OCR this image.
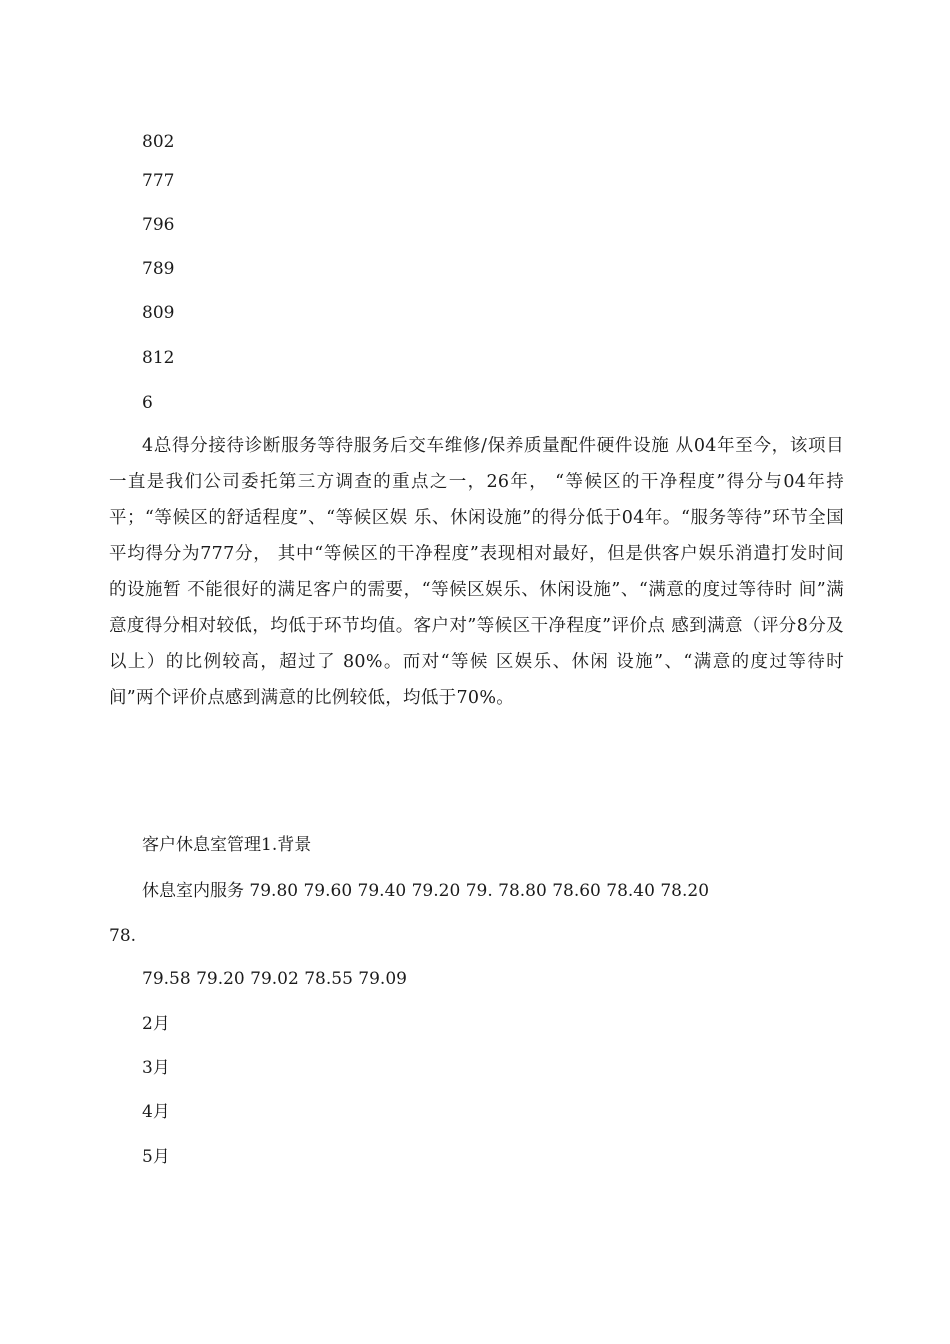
802

777

796

789

809

812

6

4总得分接待诊断服务等待服务后交车维修/保养质量配件硬件设施 从04年至今，该项目一直是我们公司委托第三方调查的重点之一，26年， “等候区的干净程度”得分与04年持平；“等候区的舒适程度”、“等候区娱 乐、休闲设施”的得分低于04年。“服务等待”环节全国平均得分为777分， 其中“等候区的干净程度”表现相对最好，但是供客户娱乐消遣打发时间的设施暂 不能很好的满足客户的需要，“等候区娱乐、休闲设施”、“满意的度过等待时 间”满意度得分相对较低，均低于环节均值。客户对”等候区干净程度”评价点 感到满意（评分8分及以上）的比例较高，超过了 80%。而对“等候 区娱乐、休闲 设施”、“满意的度过等待时间”两个评价点感到满意的比例较低，均低于70%。

客户休息室管理1.背景

休息室内服务 79.80 79.60 79.40 79.20 79. 78.80 78.60 78.40 78.20

78.

79.58 79.20 79.02 78.55 79.09

2月

3月

4月

5月
